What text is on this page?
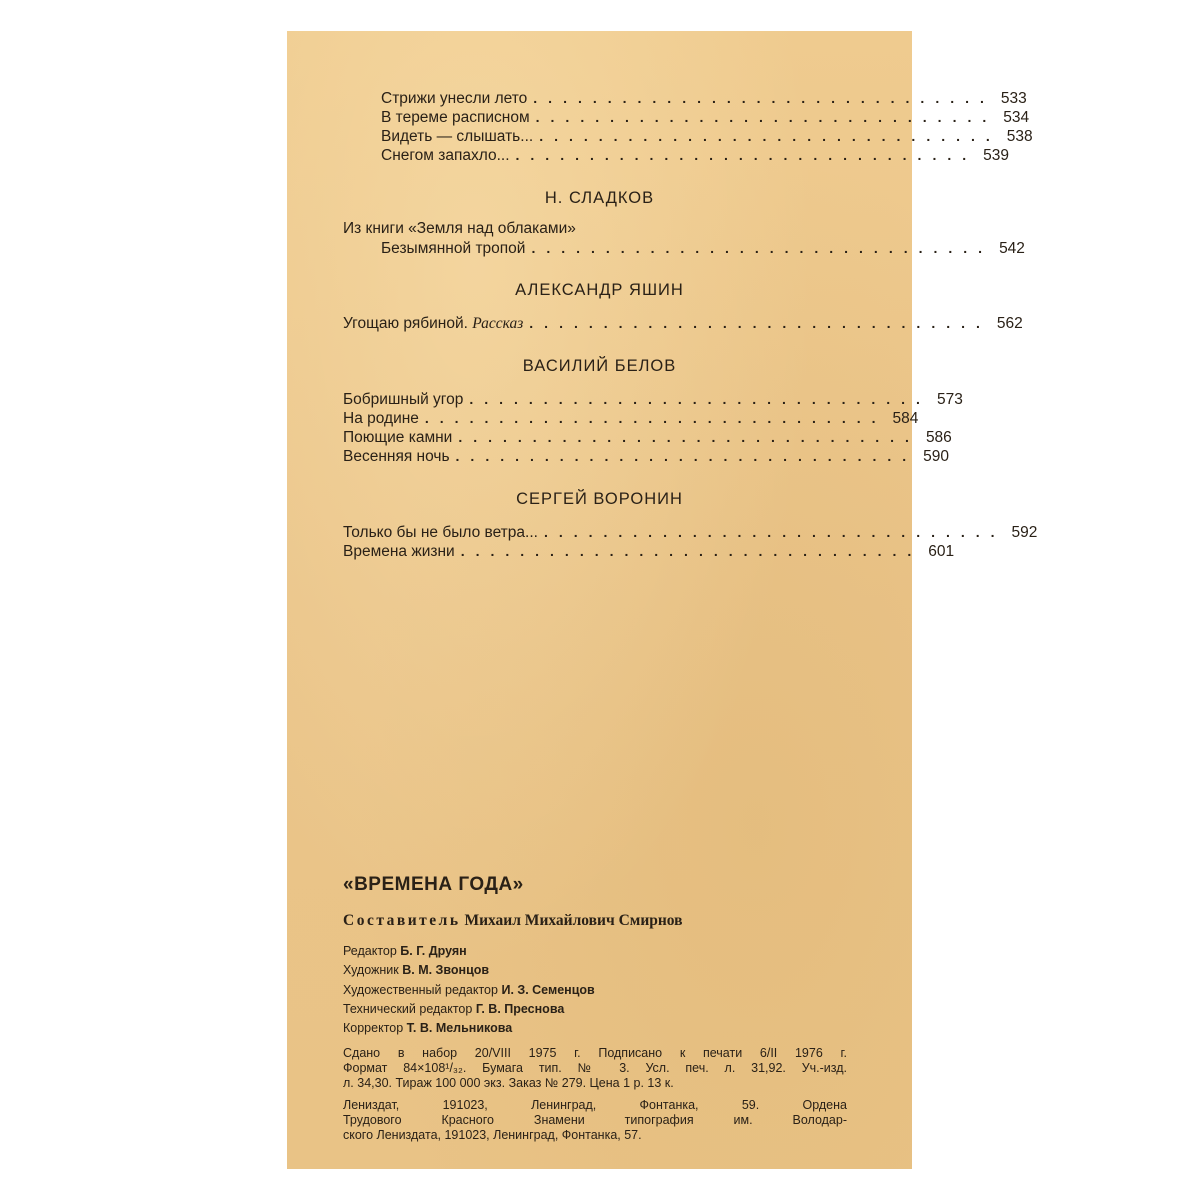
Стрижи унесли лето ............................... 533
В тереме расписном ............................... 534
Видеть — слышать... ............................... 538
Снегом запахло... ............................... 539
Н. СЛАДКОВ
Из книги «Земля над облаками»
Безымянной тропой ............................... 542
АЛЕКСАНДР ЯШИН
Угощаю рябиной. Рассказ ............................... 562
ВАСИЛИЙ БЕЛОВ
Бобришный угор ............................... 573
На родине ............................... 584
Поющие камни ............................... 586
Весенняя ночь ............................... 590
СЕРГЕЙ ВОРОНИН
Только бы не было ветра... ............................... 592
Времена жизни ............................... 601
«ВРЕМЕНА ГОДА»
Составитель Михаил Михайлович Смирнов
Редактор Б. Г. Друян
Художник В. М. Звонцов
Художественный редактор И. З. Семенцов
Технический редактор Г. В. Преснова
Корректор Т. В. Мельникова
Сдано в набор 20/VIII 1975 г. Подписано к печати 6/II 1976 г.
Формат 84×108¹/₃₂. Бумага тип. № 3. Усл. печ. л. 31,92. Уч.-изд.
л. 34,30. Тираж 100 000 экз. Заказ № 279. Цена 1 р. 13 к.
Лениздат, 191023, Ленинград, Фонтанка, 59. Ордена
Трудового Красного Знамени типография им. Володар-
ского Лениздата, 191023, Ленинград, Фонтанка, 57.
